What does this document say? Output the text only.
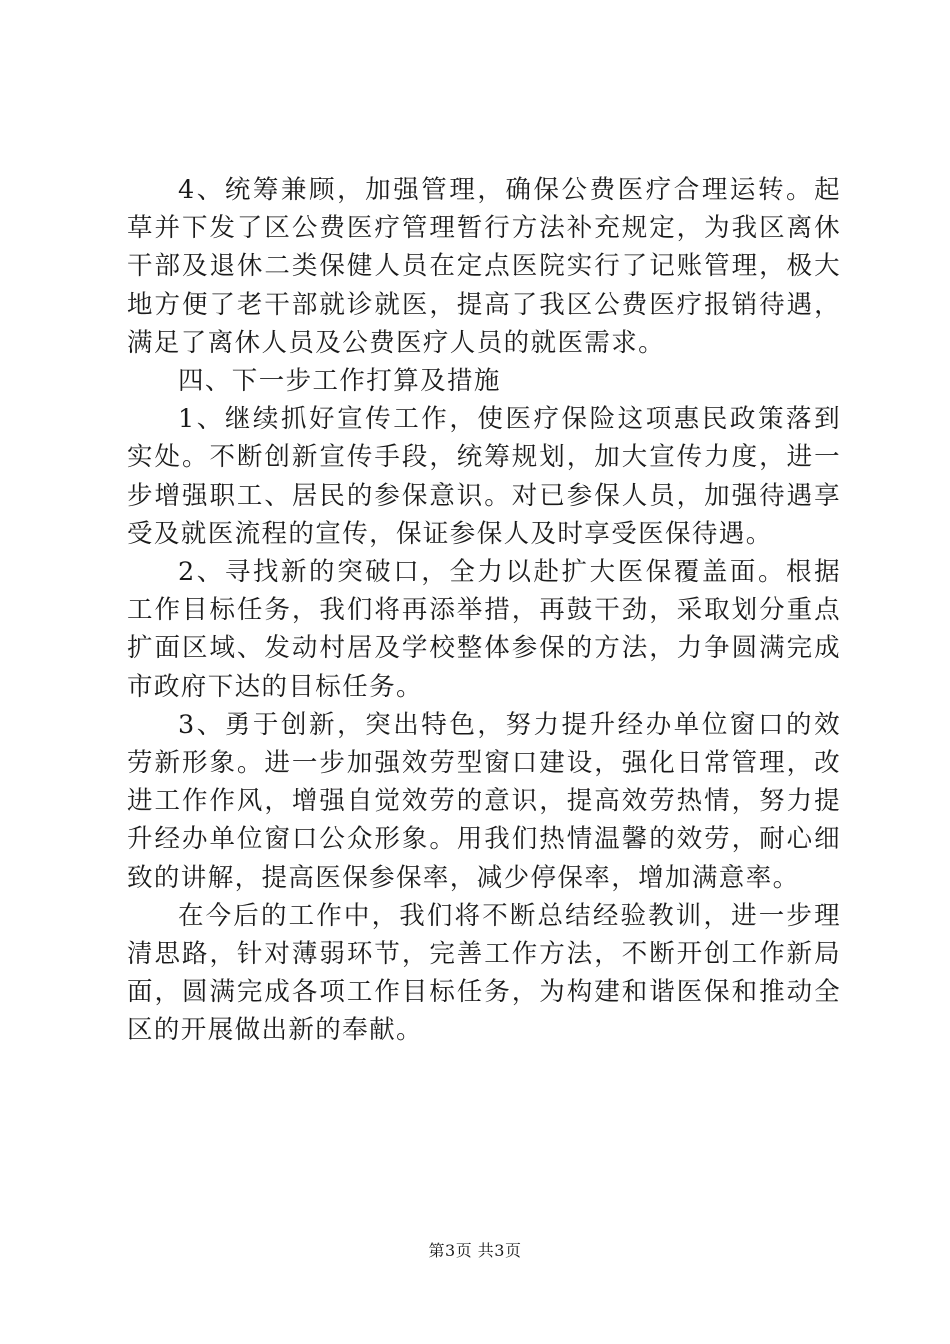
4、统筹兼顾，加强管理，确保公费医疗合理运转。起草并下发了区公费医疗管理暂行方法补充规定，为我区离休干部及退休二类保健人员在定点医院实行了记账管理，极大地方便了老干部就诊就医，提高了我区公费医疗报销待遇，满足了离休人员及公费医疗人员的就医需求。

四、下一步工作打算及措施

1、继续抓好宣传工作，使医疗保险这项惠民政策落到实处。不断创新宣传手段，统筹规划，加大宣传力度，进一步增强职工、居民的参保意识。对已参保人员，加强待遇享受及就医流程的宣传，保证参保人及时享受医保待遇。

2、寻找新的突破口，全力以赴扩大医保覆盖面。根据工作目标任务，我们将再添举措，再鼓干劲，采取划分重点扩面区域、发动村居及学校整体参保的方法，力争圆满完成市政府下达的目标任务。

3、勇于创新，突出特色，努力提升经办单位窗口的效劳新形象。进一步加强效劳型窗口建设，强化日常管理，改进工作作风，增强自觉效劳的意识，提高效劳热情，努力提升经办单位窗口公众形象。用我们热情温馨的效劳，耐心细致的讲解，提高医保参保率，减少停保率，增加满意率。

在今后的工作中，我们将不断总结经验教训，进一步理清思路，针对薄弱环节，完善工作方法，不断开创工作新局面，圆满完成各项工作目标任务，为构建和谐医保和推动全区的开展做出新的奉献。

第3页 共3页
